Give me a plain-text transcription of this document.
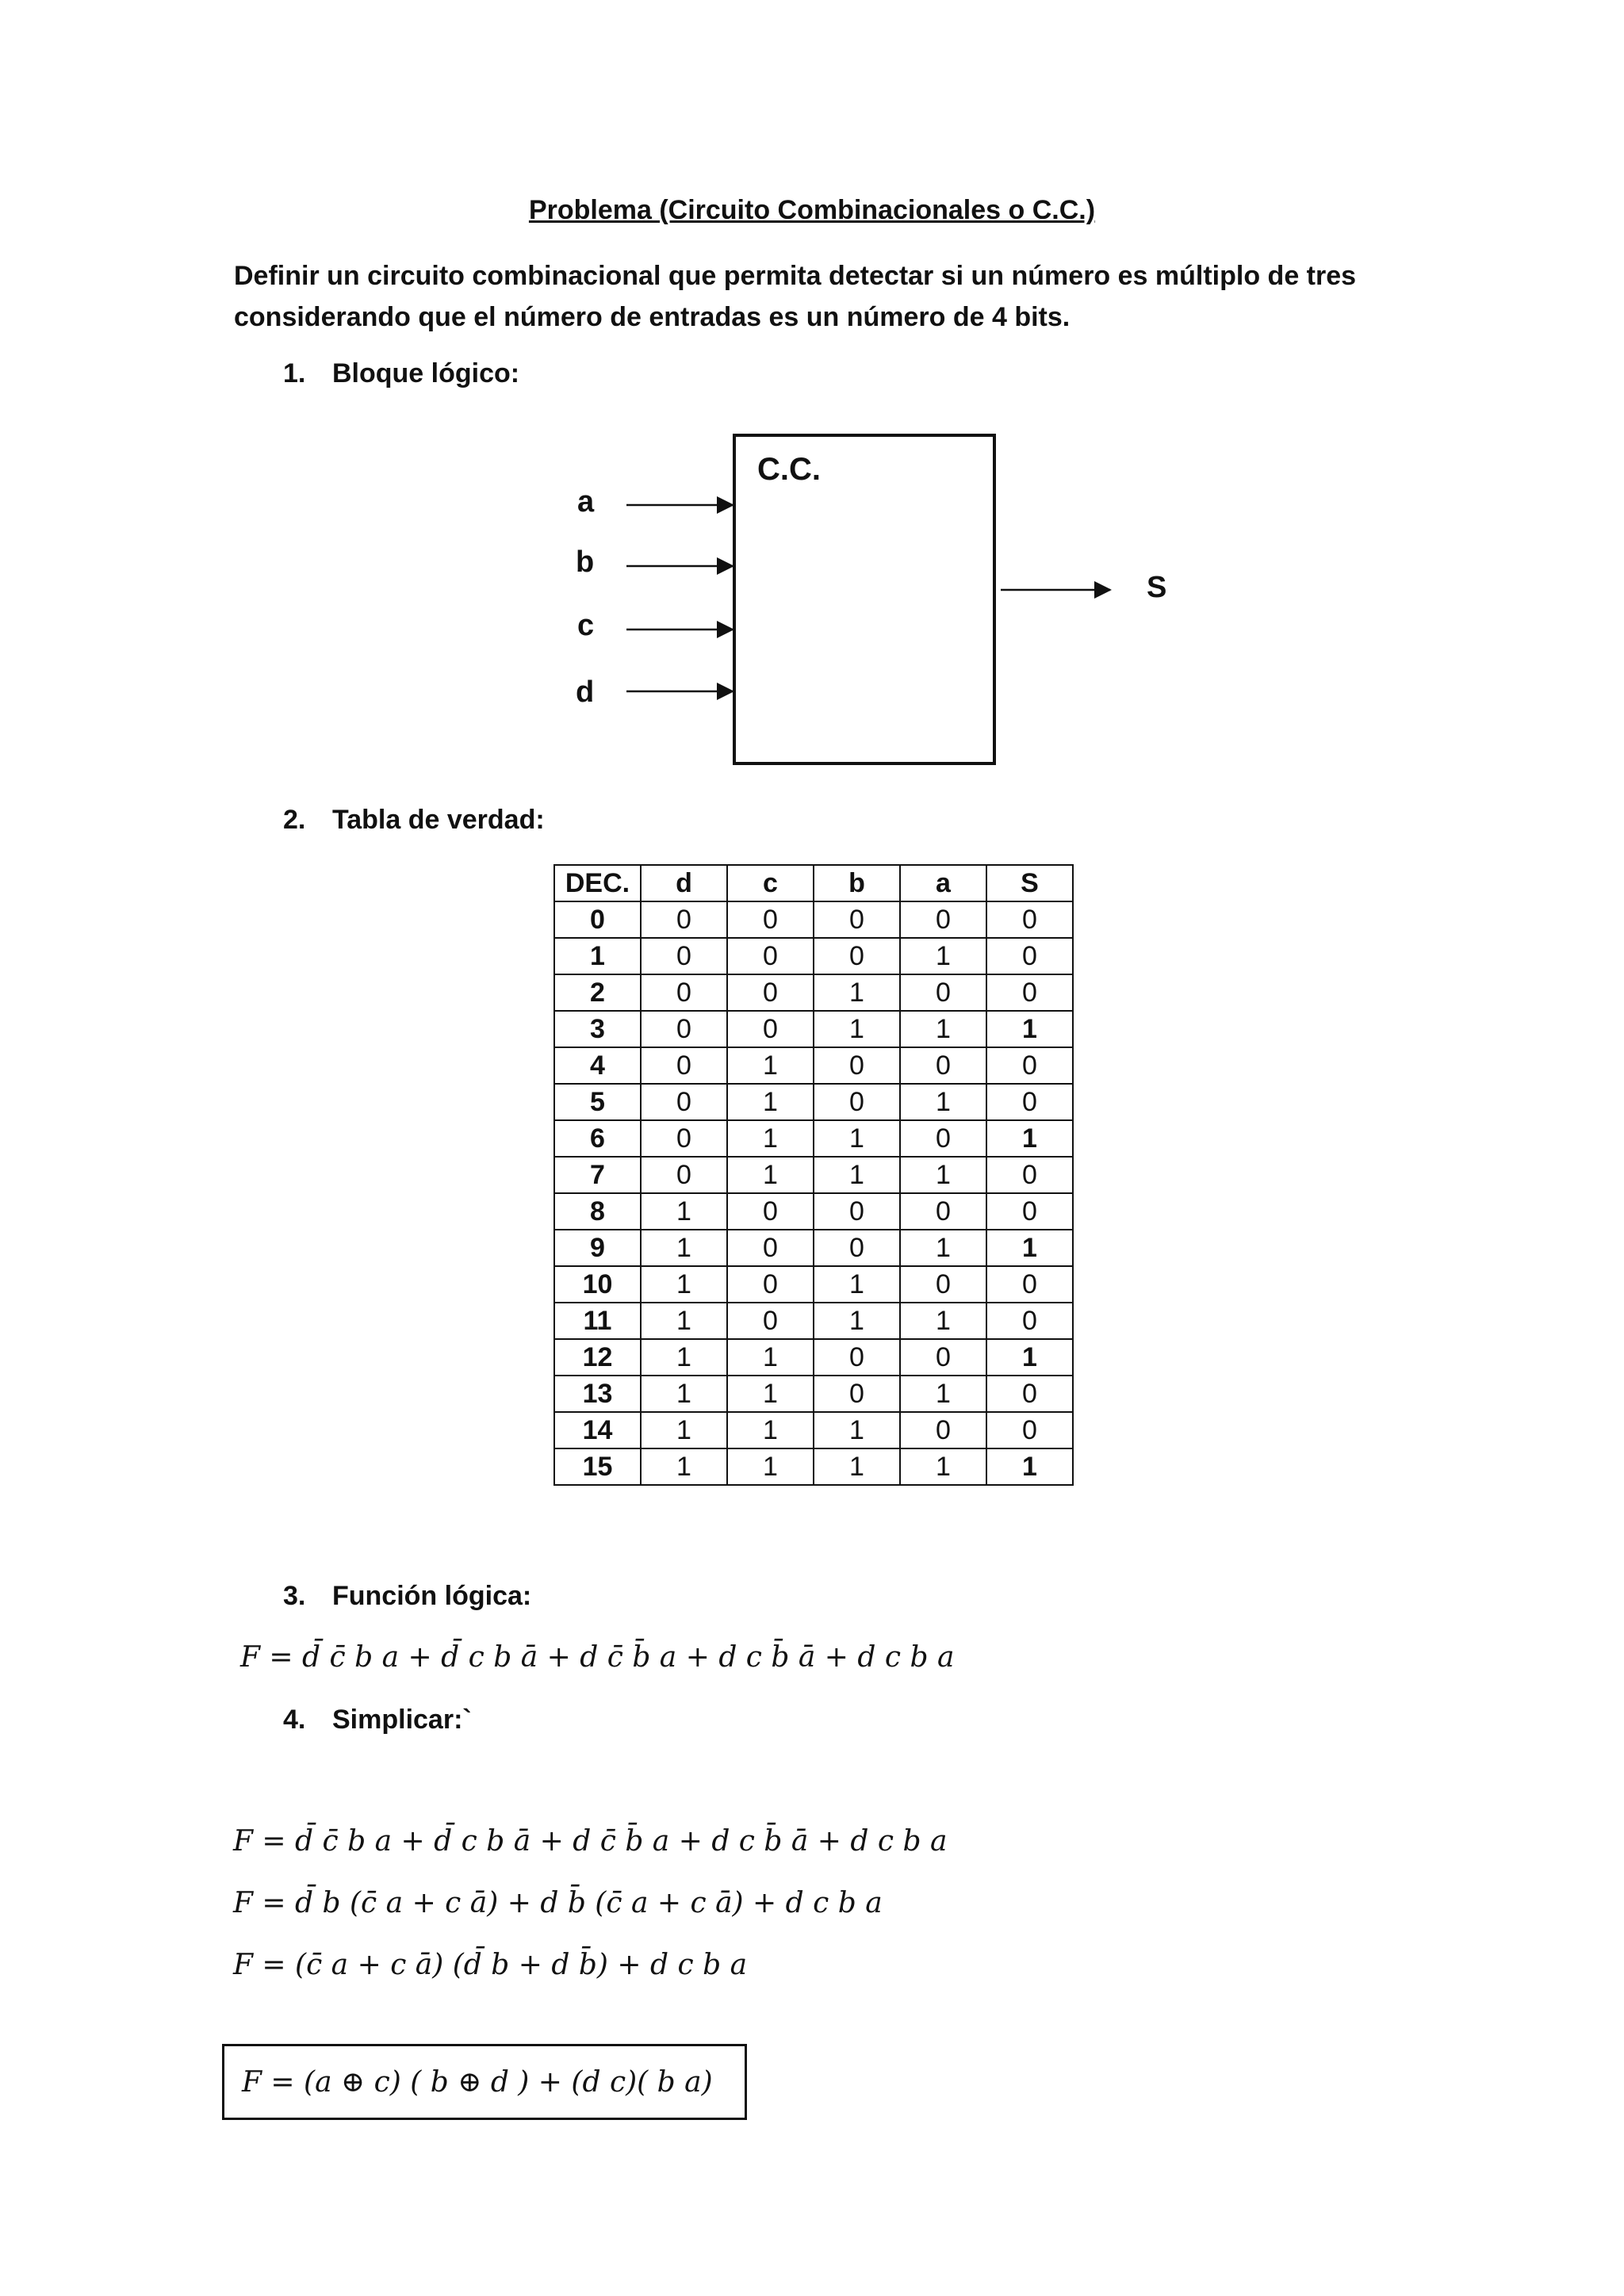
Problema (Circuito Combinacionales o C.C.)
Definir un circuito combinacional que permita detectar si un número es múltiplo de tres
considerando que el número de entradas es un número de 4 bits.
1. Bloque lógico:
C.C.
a
b
c
d
S
2. Tabla de verdad:
DEC.	d	c	b	a	S
0	0	0	0	0	0
1	0	0	0	1	0
2	0	0	1	0	0
3	0	0	1	1	1
4	0	1	0	0	0
5	0	1	0	1	0
6	0	1	1	0	1
7	0	1	1	1	0
8	1	0	0	0	0
9	1	0	0	1	1
10	1	0	1	0	0
11	1	0	1	1	0
12	1	1	0	0	1
13	1	1	0	1	0
14	1	1	1	0	0
15	1	1	1	1	1
3. Función lógica:
F = d̄ c̄ b a + d̄ c b ā + d c̄ b̄ a + d c b̄ ā + d c b a
4. Simplicar:`
F = d̄ c̄ b a + d̄ c b ā + d c̄ b̄ a + d c b̄ ā + d c b a
F = d̄ b (c̄ a + c ā) + d b̄ (c̄ a + c ā) + d c b a
F = (c̄ a + c ā) (d̄ b + d b̄) + d c b a
F = (a ⊕ c) ( b ⊕ d ) + (d c)( b a)
